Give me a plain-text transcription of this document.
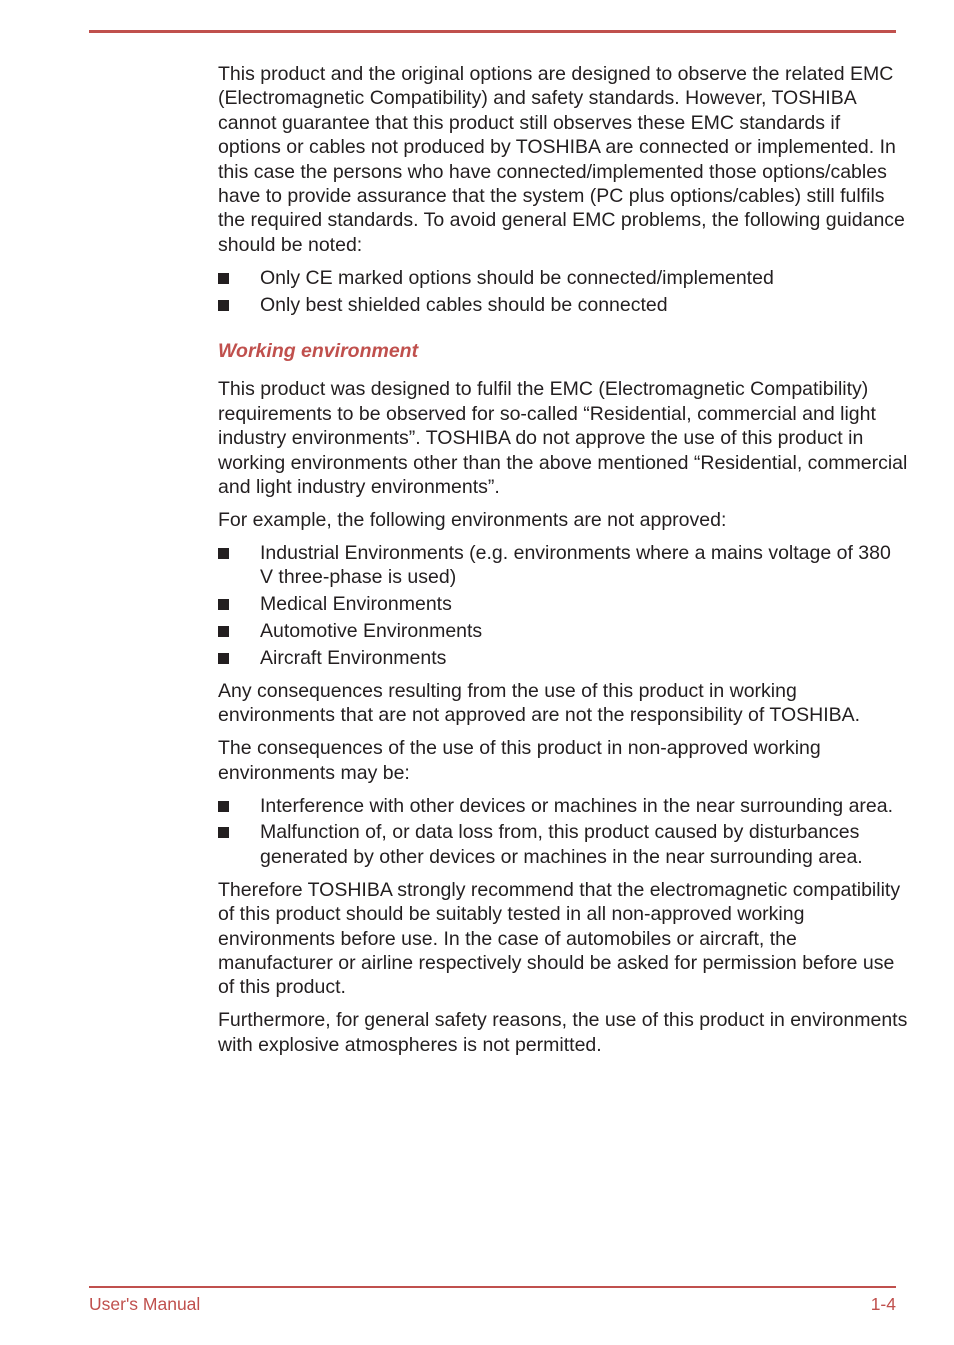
This product and the original options are designed to observe the related EMC (Electromagnetic Compatibility) and safety standards. However, TOSHIBA cannot guarantee that this product still observes these EMC standards if options or cables not produced by TOSHIBA are connected or implemented. In this case the persons who have connected/implemented those options/cables have to provide assurance that the system (PC plus options/cables) still fulfils the required standards. To avoid general EMC problems, the following guidance should be noted:

Only CE marked options should be connected/implemented
Only best shielded cables should be connected
Working environment

This product was designed to fulfil the EMC (Electromagnetic Compatibility) requirements to be observed for so-called “Residential, commercial and light industry environments”. TOSHIBA do not approve the use of this product in working environments other than the above mentioned “Residential, commercial and light industry environments”.

For example, the following environments are not approved:

Industrial Environments (e.g. environments where a mains voltage of 380 V three-phase is used)
Medical Environments
Automotive Environments
Aircraft Environments

Any consequences resulting from the use of this product in working environments that are not approved are not the responsibility of TOSHIBA.

The consequences of the use of this product in non-approved working environments may be:

Interference with other devices or machines in the near surrounding area.
Malfunction of, or data loss from, this product caused by disturbances generated by other devices or machines in the near surrounding area.

Therefore TOSHIBA strongly recommend that the electromagnetic compatibility of this product should be suitably tested in all non-approved working environments before use. In the case of automobiles or aircraft, the manufacturer or airline respectively should be asked for permission before use of this product.

Furthermore, for general safety reasons, the use of this product in environments with explosive atmospheres is not permitted.

User's Manual	1-4
